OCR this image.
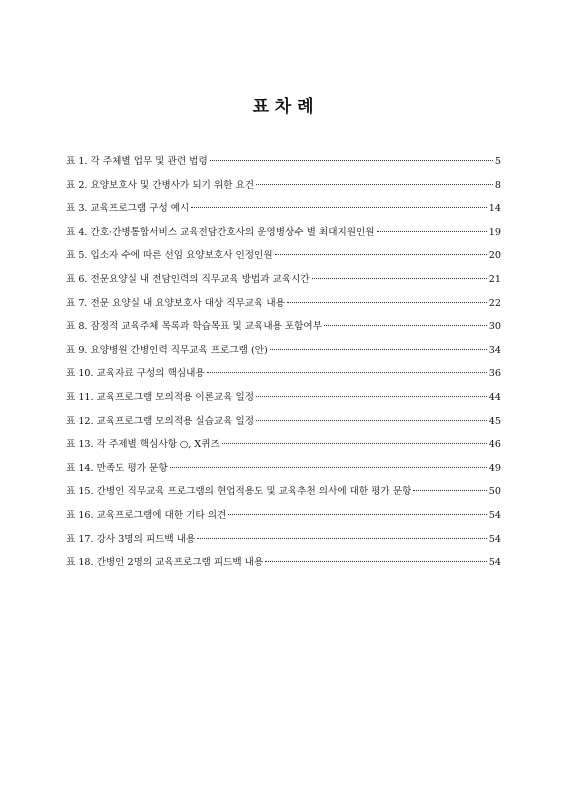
표 차 례
표 1. 각 주체별 업무 및 관련 법령	5
표 2. 요양보호사 및 간병사가 되기 위한 요건	8
표 3. 교육프로그램 구성 예시	14
표 4. 간호·간병통합서비스 교육전담간호사의 운영병상수 별 최대지원인원	19
표 5. 입소자 수에 따른 선임 요양보호사 인정인원	20
표 6. 전문요양실 내 전담인력의 직무교육 방법과 교육시간	21
표 7. 전문 요양실 내 요양보호사 대상 직무교육 내용	22
표 8. 잠정적 교육주체 목록과 학습목표 및 교육내용 포함여부	30
표 9. 요양병원 간병인력 직무교육 프로그램 (안)	34
표 10. 교육자료 구성의 핵심내용	36
표 11. 교육프로그램 모의적용 이론교육 일정	44
표 12. 교육프로그램 모의적용 실습교육 일정	45
표 13. 각 주제별 핵심사항 ○, X퀴즈	46
표 14. 만족도 평가 문항	49
표 15. 간병인 직무교육 프로그램의 현업적용도 및 교육추천 의사에 대한 평가 문항	50
표 16. 교육프로그램에 대한 기타 의견	54
표 17. 강사 3명의 피드백 내용	54
표 18. 간병인 2명의 교육프로그램 피드백 내용	54
